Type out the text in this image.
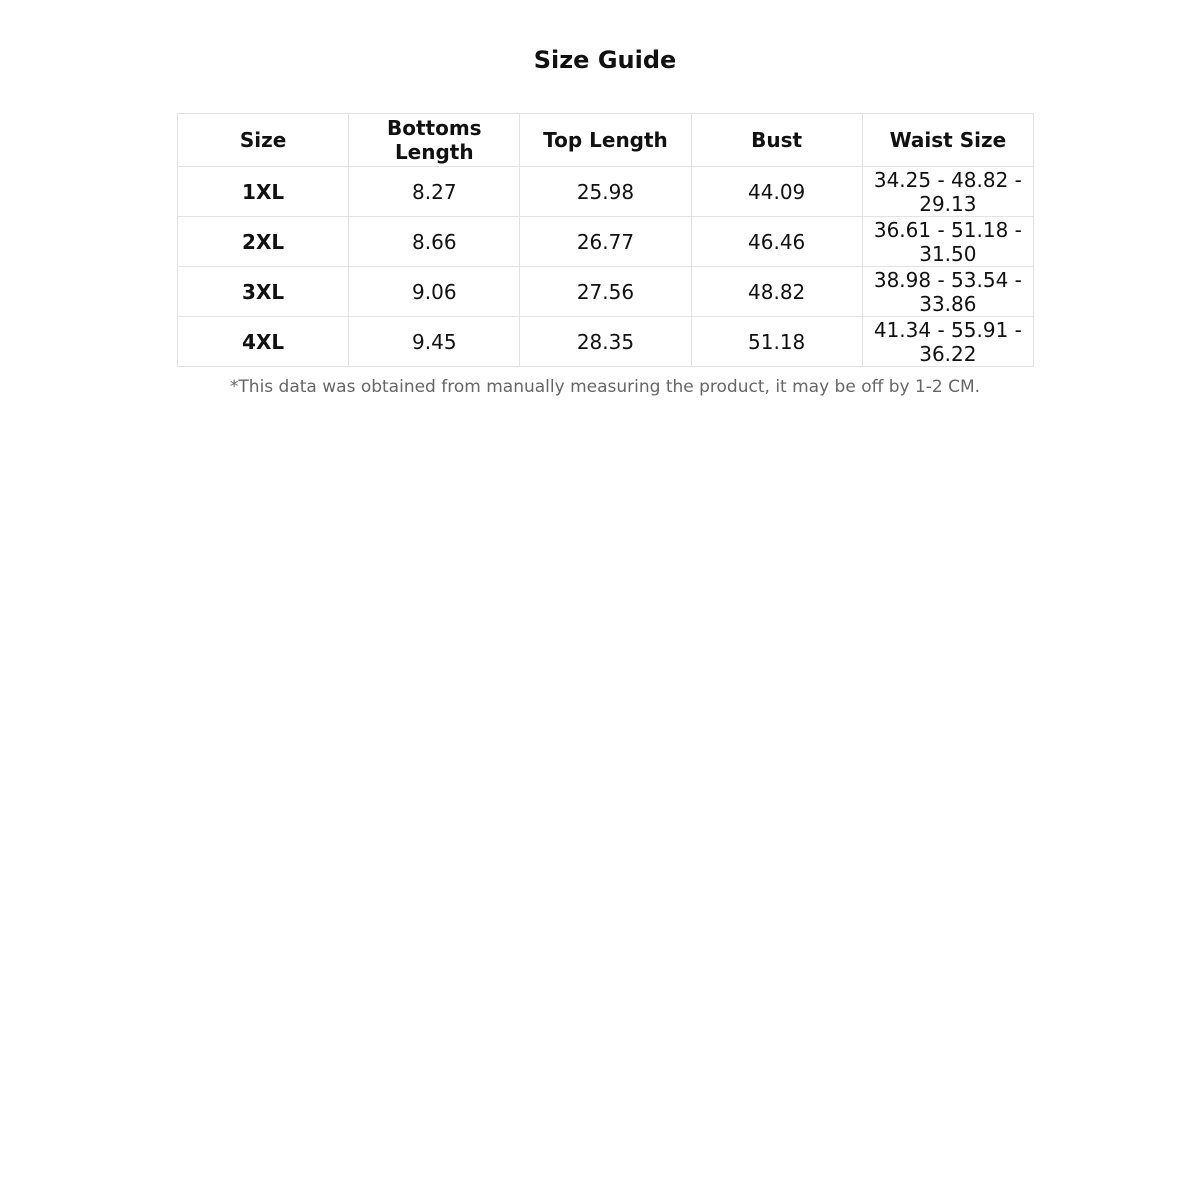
Size Guide
Size	Bottoms Length	Top Length	Bust	Waist Size
1XL	8.27	25.98	44.09	34.25 - 48.82 - 29.13
2XL	8.66	26.77	46.46	36.61 - 51.18 - 31.50
3XL	9.06	27.56	48.82	38.98 - 53.54 - 33.86
4XL	9.45	28.35	51.18	41.34 - 55.91 - 36.22
*This data was obtained from manually measuring the product, it may be off by 1-2 CM.
